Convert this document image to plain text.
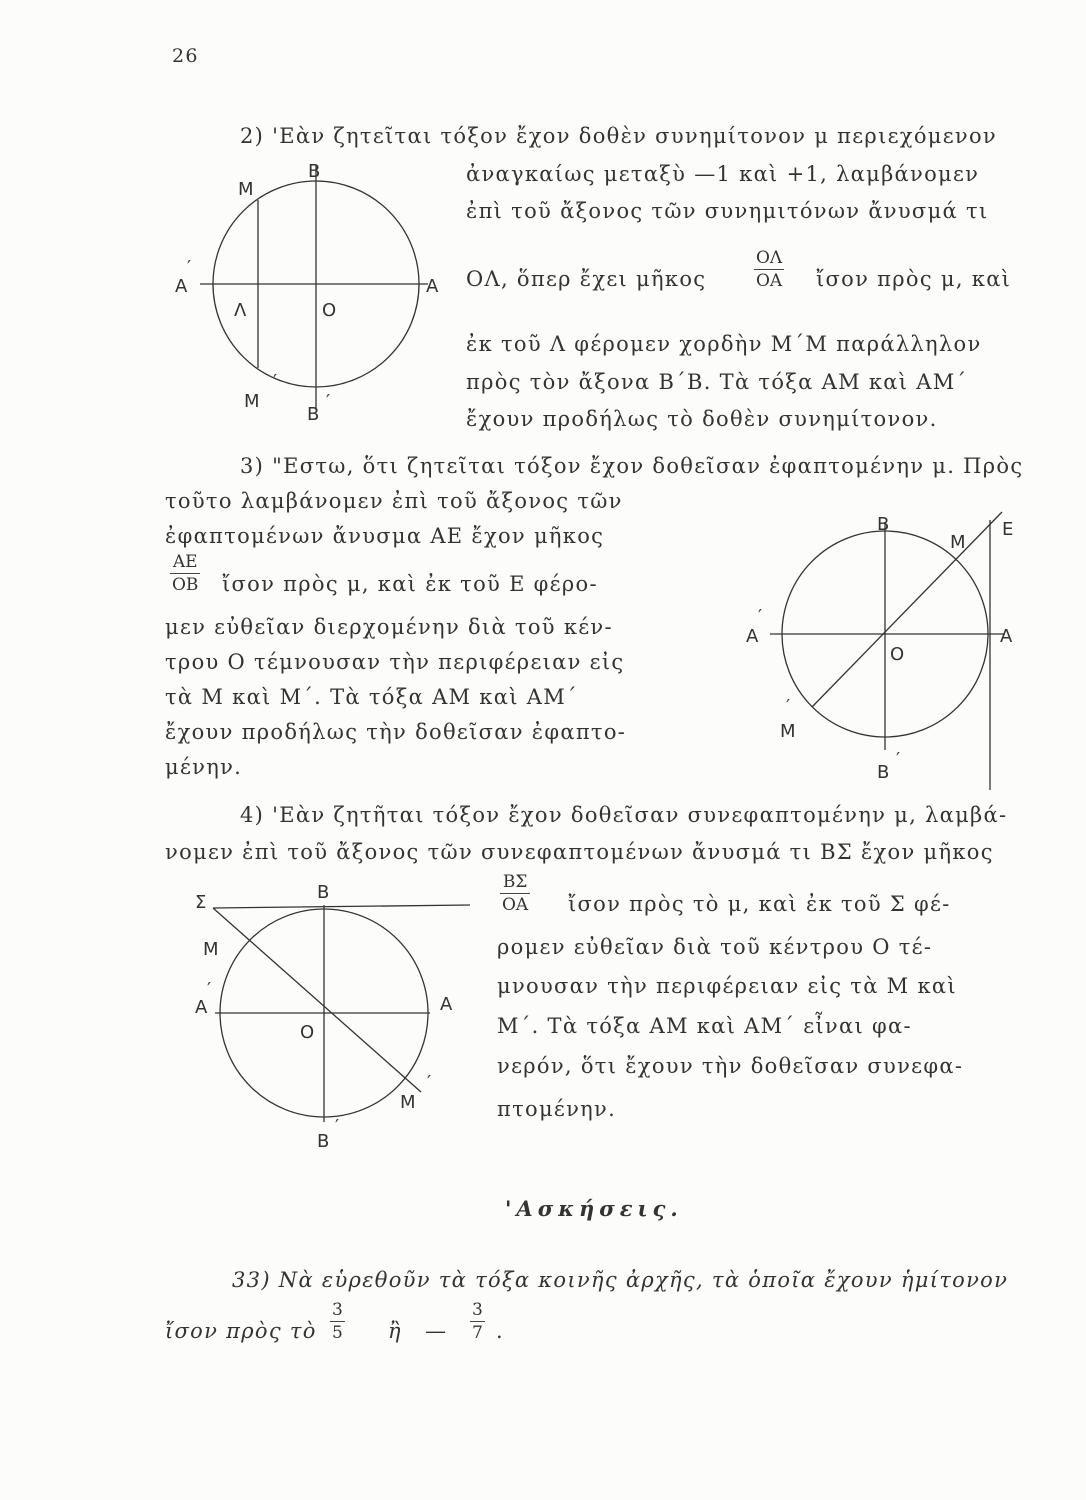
26
2) 'Εὰν ζητεῖται τόξον ἔχον δοθὲν συνημίτονον μ περιεχόμενον
ἀναγκαίως μεταξὺ —1 καὶ +1, λαμβάνομεν
ἐπὶ τοῦ ἄξονος τῶν συνημιτόνων ἄνυσμά τι
ΟΛ, ὅπερ ἔχει μῆκος
ΟΛ
ΟΑ ἴσον πρὸς μ, καὶ
ἐκ τοῦ Λ φέρομεν χορδὴν Μ΄Μ παράλληλον
πρὸς τὸν ἄξονα Β΄Β. Τὰ τόξα ΑΜ καὶ ΑΜ΄
ἔχουν προδήλως τὸ δοθὲν συνημίτονον.
M
B
A
′
A
Λ	O
M
′
B
′
3) "Εστω, ὅτι ζητεῖται τόξον ἔχον δοθεῖσαν ἐφαπτομένην μ. Πρὸς
τοῦτο λαμβάνομεν ἐπὶ τοῦ ἄξονος τῶν
ἐφαπτομένων ἄνυσμα ΑΕ ἔχον μῆκος
ΑΕ
ΟΒ ἴσον πρὸς μ, καὶ ἐκ τοῦ Ε φέρο-
μεν εὐθεῖαν διερχομένην διὰ τοῦ κέν-
τρου Ο τέμνουσαν τὴν περιφέρειαν εἰς
τὰ Μ καὶ Μ΄. Τὰ τόξα ΑΜ καὶ ΑΜ΄
ἔχουν προδήλως τὴν δοθεῖσαν ἐφαπτο-
μένην.
B
M
E
A
′
A
O
M
′
B
′
4) 'Εὰν ζητῆται τόξον ἔχον δοθεῖσαν συνεφαπτομένην μ, λαμβά-
νομεν ἐπὶ τοῦ ἄξονος τῶν συνεφαπτομένων ἄνυσμά τι ΒΣ ἔχον μῆκος
ΒΣ
ΟΑ ἴσον πρὸς τὸ μ, καὶ ἐκ τοῦ Σ φέ-
ρομεν εὐθεῖαν διὰ τοῦ κέντρου Ο τέ-
μνουσαν τὴν περιφέρειαν εἰς τὰ Μ καὶ
Μ΄. Τὰ τόξα ΑΜ καὶ ΑΜ΄ εἶναι φα-
νερόν, ὅτι ἔχουν τὴν δοθεῖσαν συνεφα-
πτομένην.
Σ	B
M
A
′
A
O
M
′
B
′
'Ασκήσεις.
33) Νὰ εὑρεθοῦν τὰ τόξα κοινῆς ἀρχῆς, τὰ ὁποῖα ἔχουν ἡμίτονον
ἴσον πρὸς τὸ
3
5 ἢ —
3
7 .
